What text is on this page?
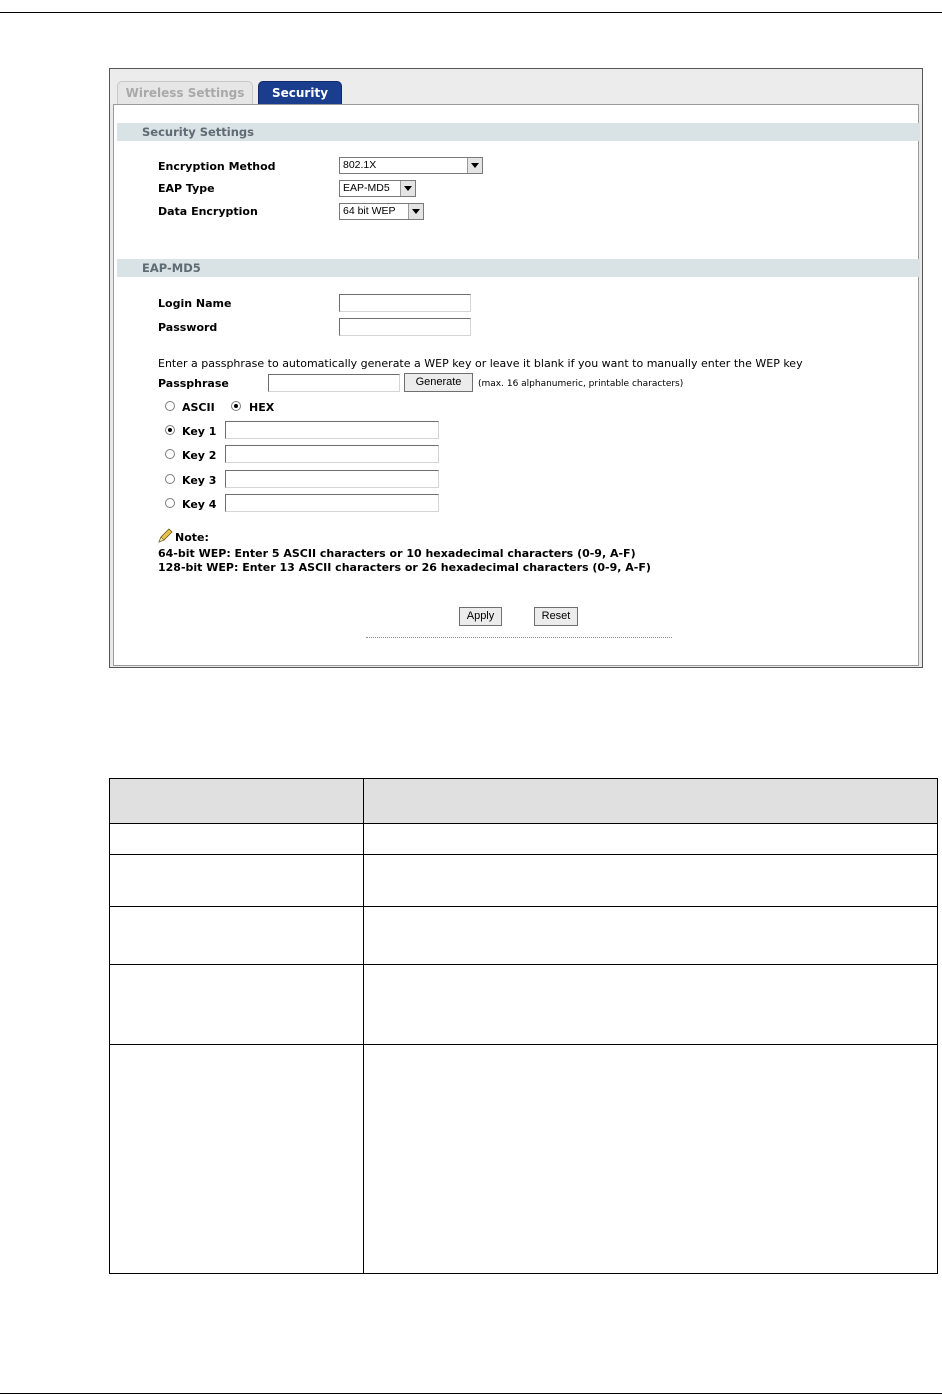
Wireless Settings	Security
Security Settings
Encryption Method	802.1X
EAP Type	EAP-MD5
Data Encryption	64 bit WEP
EAP-MD5
Login Name
Password
Enter a passphrase to automatically generate a WEP key or leave it blank if you want to manually enter the WEP key
Passphrase	Generate	(max. 16 alphanumeric, printable characters)
ASCII	HEX
Key 1
Key 2
Key 3
Key 4
Note:
64-bit WEP: Enter 5 ASCII characters or 10 hexadecimal characters (0-9, A-F)
128-bit WEP: Enter 13 ASCII characters or 26 hexadecimal characters (0-9, A-F)
Apply	Reset
